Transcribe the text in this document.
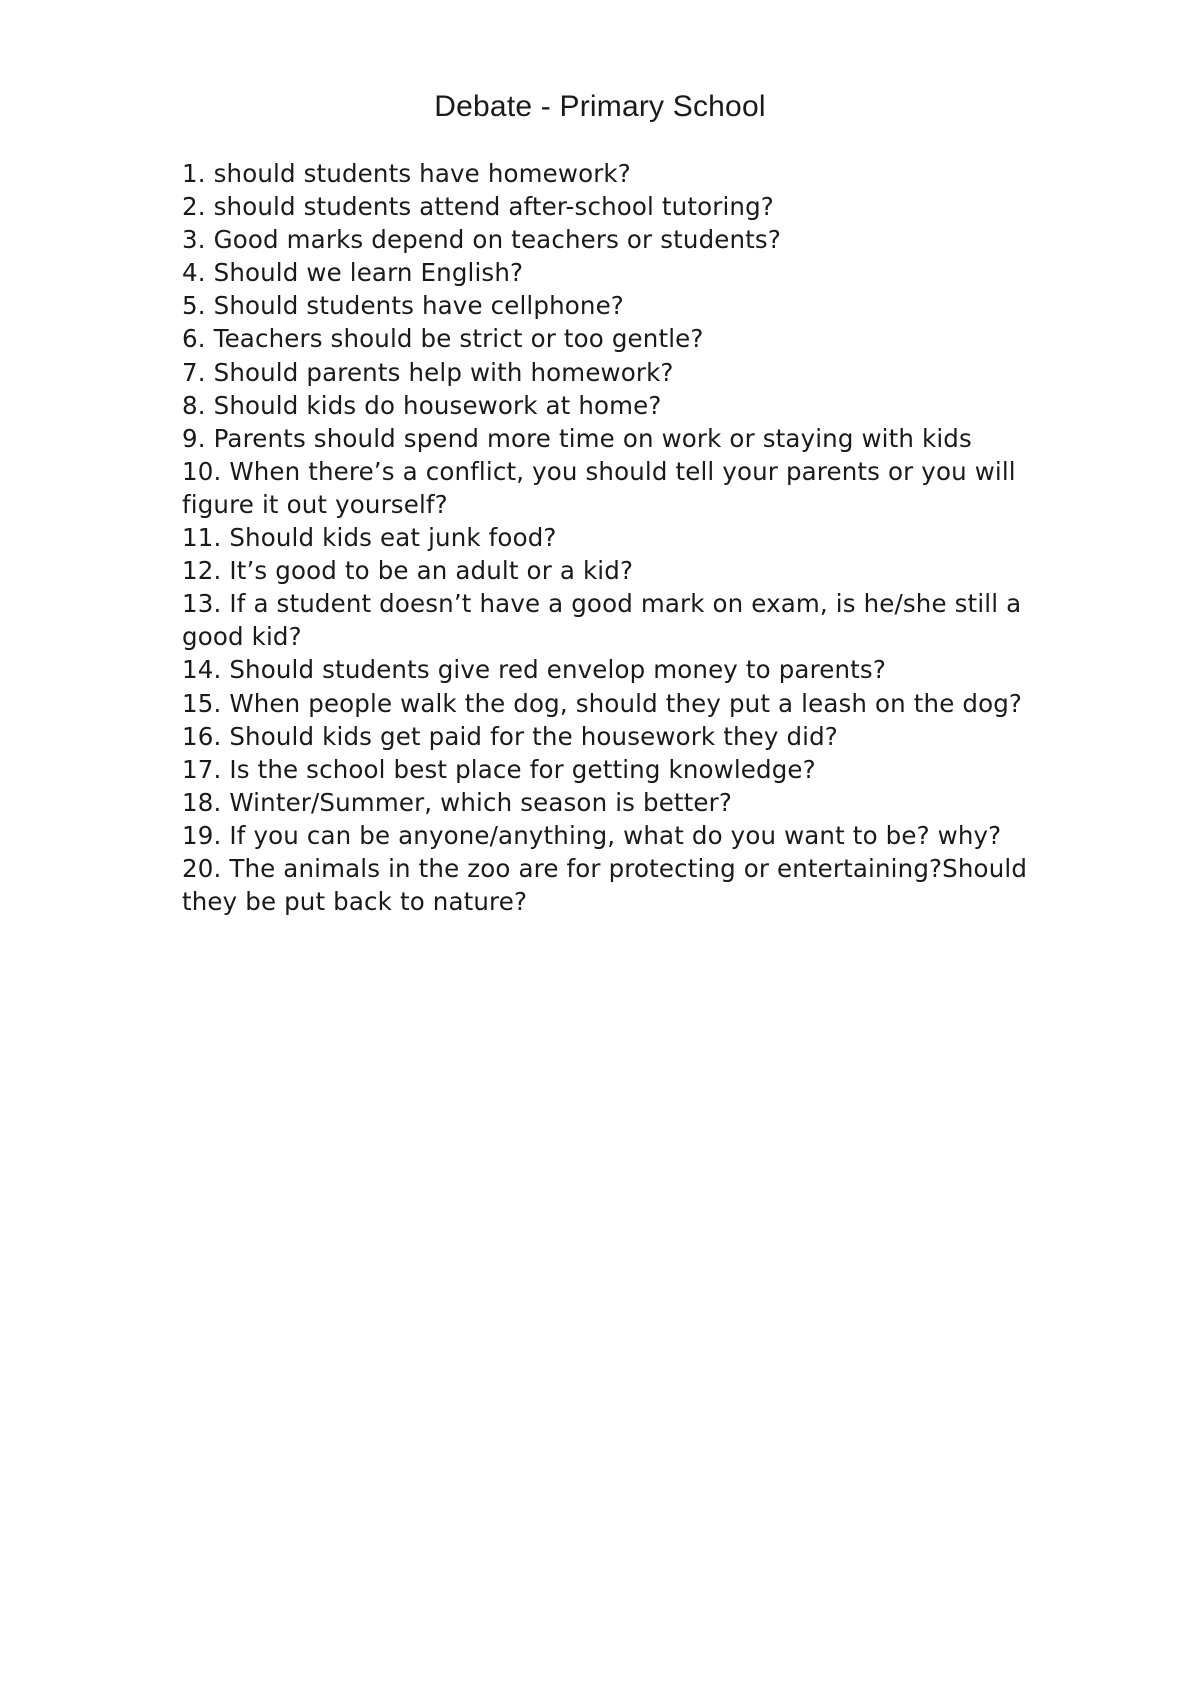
Debate - Primary School
1. should students have homework?
2. should students attend after-school tutoring?
3. Good marks depend on teachers or students?
4. Should we learn English?
5. Should students have cellphone?
6. Teachers should be strict or too gentle?
7. Should parents help with homework?
8. Should kids do housework at home?
9. Parents should spend more time on work or staying with kids
10. When there’s a conflict, you should tell your parents or you will figure it out yourself?
11. Should kids eat junk food?
12. It’s good to be an adult or a kid?
13. If a student doesn’t have a good mark on exam, is he/she still a good kid?
14. Should students give red envelop money to parents?
15. When people walk the dog, should they put a leash on the dog?
16. Should kids get paid for the housework they did?
17. Is the school best place for getting knowledge?
18. Winter/Summer, which season is better?
19. If you can be anyone/anything, what do you want to be? why?
20. The animals in the zoo are for protecting or entertaining?Should they be put back to nature?
